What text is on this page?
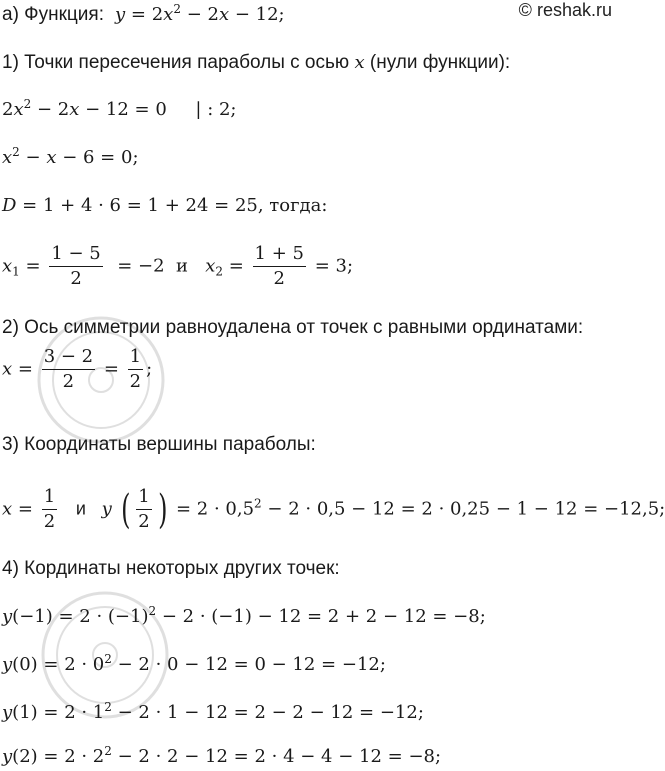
© reshak.ru
а) Функция: $y = 2x^2 - 2x - 12$;
1) Точки пересечения параболы с осью x (нули функции):
$2x^2 - 2x - 12 = 0$     | : 2;
$x^2 - x - 6 = 0$;
D = 1 + 4 · 6 = 1 + 24 = 25, тогда:
$x_1 = \frac{1 - 5}{2} = -2$  и   $x_2 = \frac{1 + 5}{2} = 3$;
2) Ось симметрии равноудалена от точек с равными ординатами:
$x = \frac{3 - 2}{2} = \frac{1}{2}$ ;
3) Координаты вершины параболы:
$x = \frac{1}{2}$ и   y ( $\frac{1}{2}$ ) = $2 \cdot 0,5^2 - 2 \cdot 0,5 - 12 = 2 \cdot 0,25 - 1 - 12 = -12,5$;
4) Кординаты некоторых других точек:
$y(-1) = 2 \cdot (-1)^2 - 2 \cdot (-1) - 12 = 2 + 2 - 12 = -8$;
$y(0) = 2 \cdot 0^2 - 2 \cdot 0 - 12 = 0 - 12 = -12$;
$y(1) = 2 \cdot 1^2 - 2 \cdot 1 - 12 = 2 - 2 - 12 = -12$;
$y(2) = 2 \cdot 2^2 - 2 \cdot 2 - 12 = 2 \cdot 4 - 4 - 12 = -8$;
